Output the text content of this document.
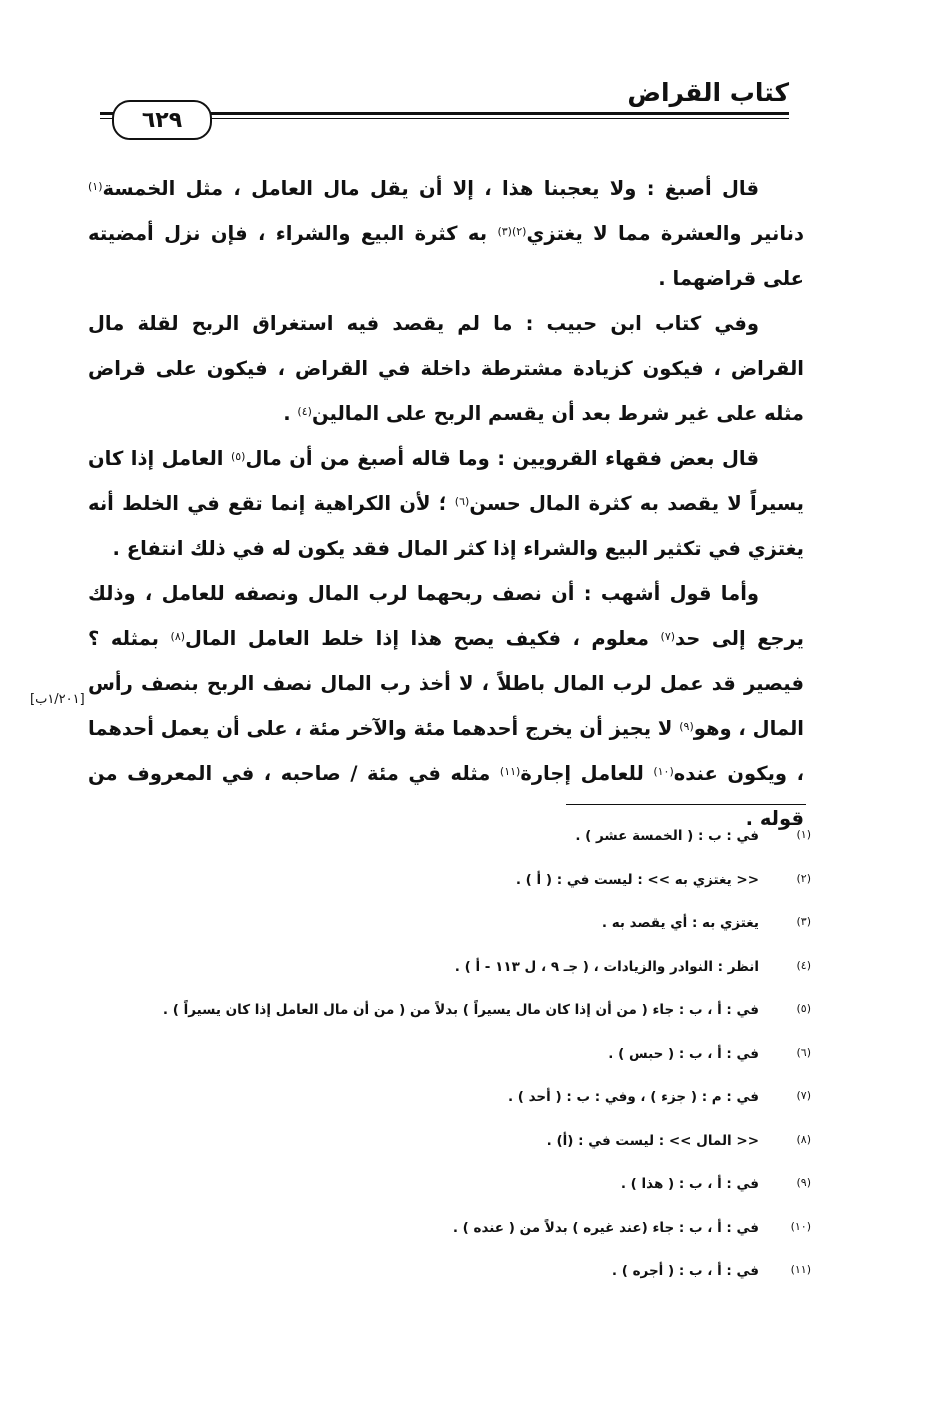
كتاب القراض
٦٢٩

قال أصبغ : ولا يعجبنا هذا ، إلا أن يقل مال العامل ، مثل الخمسة$^{(١)}$ دنانير والعشرة مما لا يغتزي$^{(٢)(٣)}$ به كثرة البيع والشراء ، فإن نزل أمضيته على قراضهما .

وفي كتاب ابن حبيب : ما لم يقصد فيه استغراق الربح لقلة مال القراض ، فيكون كزيادة مشترطة داخلة في القراض ، فيكون على قراض مثله على غير شرط بعد أن يقسم الربح على المالين$^{(٤)}$ .

قال بعض فقهاء القرويين : وما قاله أصبغ من أن مال$^{(٥)}$ العامل إذا كان يسيراً لا يقصد به كثرة المال حسن$^{(٦)}$ ؛ لأن الكراهية إنما تقع في الخلط أنه يغتزي في تكثير البيع والشراء إذا كثر المال فقد يكون له في ذلك انتفاع .

وأما قول أشهب : أن نصف ربحهما لرب المال ونصفه للعامل ، وذلك يرجع إلى حد$^{(٧)}$ معلوم ، فكيف يصح هذا إذا خلط العامل المال$^{(٨)}$ بمثله ؟ فيصير قد عمل لرب المال باطلاً ، لا أخذ رب المال نصف الربح بنصف رأس المال ، وهو$^{(٩)}$ لا يجيز أن يخرج أحدهما مئة والآخر مئة ، على أن يعمل أحدهما ، ويكون عنده$^{(١٠)}$ للعامل إجارة$^{(١١)}$ مثله في مئة / صاحبه ، في المعروف من قوله .

[١/٢٠١ب]
(١)
في : ب : ( الخمسة عشر ) .
(٢)
<< يغتزي به >> : ليست في : ( أ ) .
(٣)
يغتزي به : أي يقصد به .
(٤)
انظر : النوادر والزيادات ، ( جـ ٩ ، ل ١١٣ - أ ) .
(٥)
في : أ ، ب : جاء ( من أن إذا كان مال يسيراً ) بدلاً من ( من أن مال العامل إذا كان يسيراً ) .
(٦)
في : أ ، ب : ( حبس ) .
(٧)
في : م : ( جزء ) ، وفي : ب : ( أحد ) .
(٨)
<< المال >> : ليست في : (أ) .
(٩)
في : أ ، ب : ( هذا ) .
(١٠)
في : أ ، ب : جاء (عند غيره ) بدلاً من ( عنده ) .
(١١)
في : أ ، ب : ( أجره ) .
